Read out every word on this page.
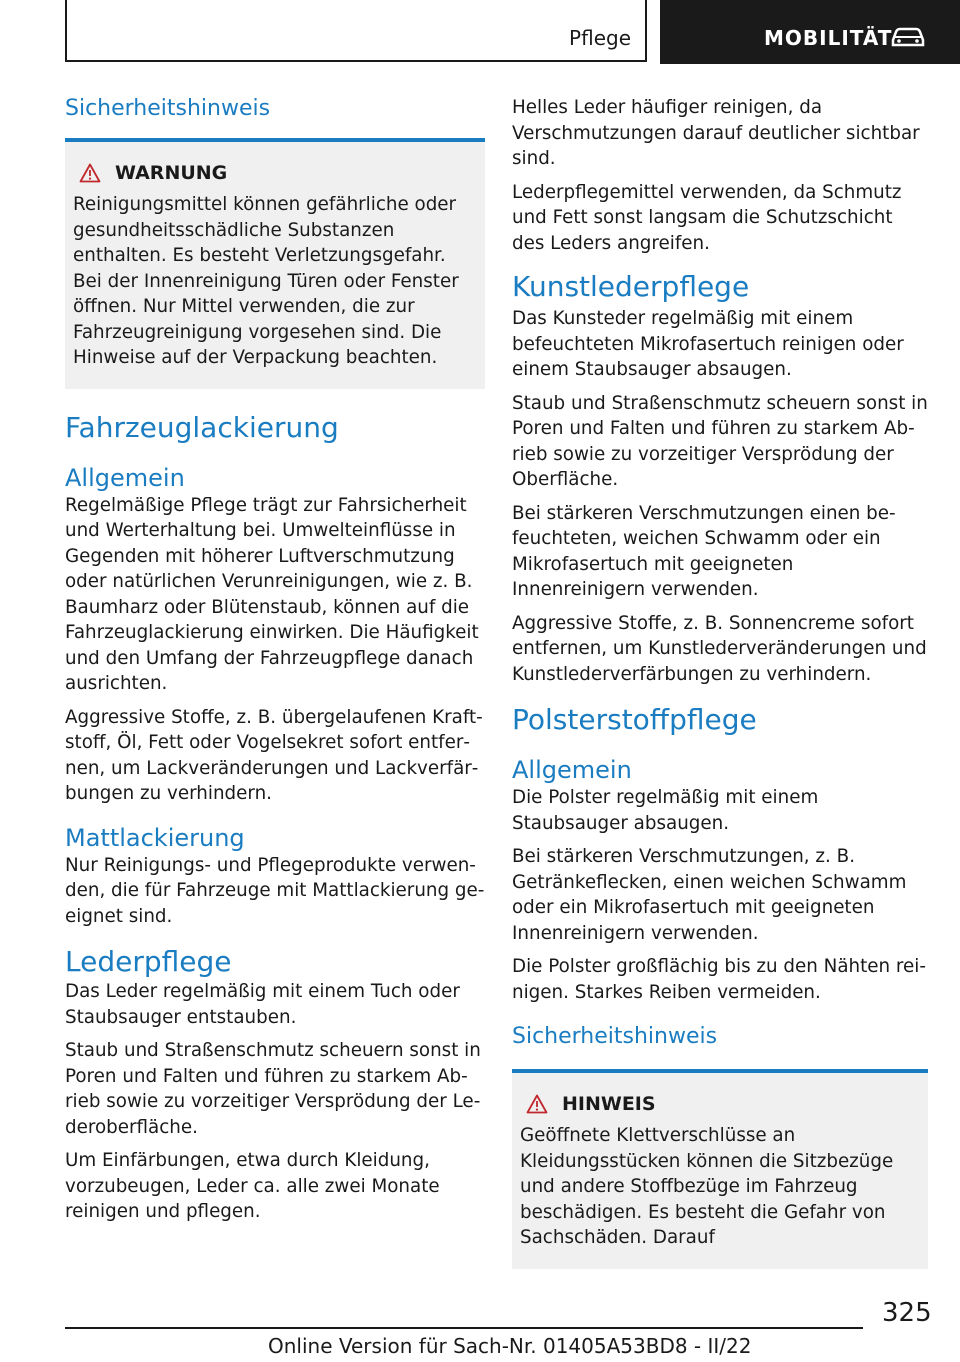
Pflege	MOBILITÄT
Sicherheitshinweis
WARNUNG

Reinigungsmittel können gefährliche oder gesundheitsschädliche Substanzen enthalten. Es besteht Verletzungsgefahr. Bei der Innenreinigung Türen oder Fenster öffnen. Nur Mittel verwenden, die zur Fahrzeugreinigung vorgesehen sind. Die Hinweise auf der Verpackung beachten.

Fahrzeuglackierung
Allgemein

Regelmäßige Pflege trägt zur Fahrsicherheit und Werterhaltung bei. Umwelteinflüsse in Gegenden mit höherer Luftverschmutzung oder natürlichen Verunreinigungen, wie z. B. Baumharz oder Blütenstaub, können auf die Fahrzeuglackierung einwirken. Die Häufigkeit und den Umfang der Fahrzeugpflege danach ausrichten.

Aggressive Stoffe, z. B. übergelaufenen Kraftstoff, Öl, Fett oder Vogelsekret sofort entfernen, um Lackveränderungen und Lackverfärbungen zu verhindern.

Mattlackierung

Nur Reinigungs- und Pflegeprodukte verwenden, die für Fahrzeuge mit Mattlackierung geeignet sind.

Lederpflege

Das Leder regelmäßig mit einem Tuch oder Staubsauger entstauben.

Staub und Straßenschmutz scheuern sonst in Poren und Falten und führen zu starkem Abrieb sowie zu vorzeitiger Versprödung der Lederoberfläche.

Um Einfärbungen, etwa durch Kleidung, vorzubeugen, Leder ca. alle zwei Monate reinigen und pflegen.

Helles Leder häufiger reinigen, da Verschmutzungen darauf deutlicher sichtbar sind.

Lederpflegemittel verwenden, da Schmutz und Fett sonst langsam die Schutzschicht des Leders angreifen.

Kunstlederpflege

Das Kunsteder regelmäßig mit einem befeuchteten Mikrofasertuch reinigen oder einem Staubsauger absaugen.

Staub und Straßenschmutz scheuern sonst in Poren und Falten und führen zu starkem Abrieb sowie zu vorzeitiger Versprödung der Oberfläche.

Bei stärkeren Verschmutzungen einen befeuchteten, weichen Schwamm oder ein Mikrofasertuch mit geeigneten Innenreinigern verwenden.

Aggressive Stoffe, z. B. Sonnencreme sofort entfernen, um Kunstlederveränderungen und Kunstlederverfärbungen zu verhindern.

Polsterstoffpflege
Allgemein

Die Polster regelmäßig mit einem Staubsauger absaugen.

Bei stärkeren Verschmutzungen, z. B. Getränkeflecken, einen weichen Schwamm oder ein Mikrofasertuch mit geeigneten Innenreinigern verwenden.

Die Polster großflächig bis zu den Nähten reinigen. Starkes Reiben vermeiden.

Sicherheitshinweis
HINWEIS

Geöffnete Klettverschlüsse an Kleidungsstücken können die Sitzbezüge und andere Stoffbezüge im Fahrzeug beschädigen. Es besteht die Gefahr von Sachschäden. Darauf

325
Online Version für Sach-Nr. 01405A53BD8 - II/22
